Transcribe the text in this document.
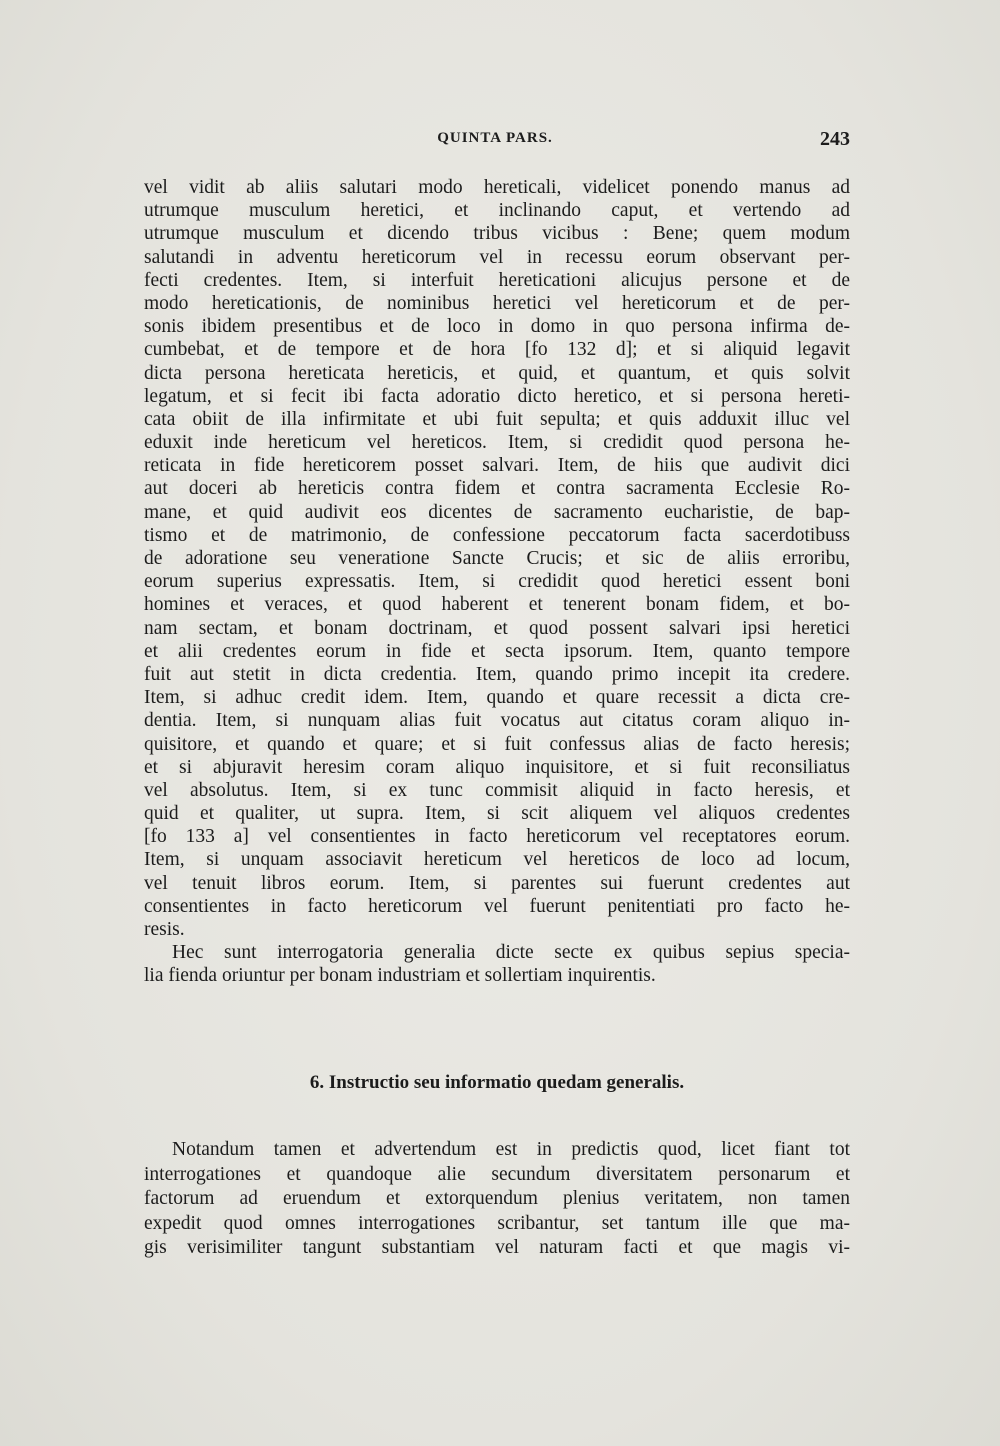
QUINTA PARS.	243
vel vidit ab aliis salutari modo hereticali, videlicet ponendo manus ad
utrumque musculum heretici, et inclinando caput, et vertendo ad
utrumque musculum et dicendo tribus vicibus : Bene; quem modum
salutandi in adventu hereticorum vel in recessu eorum observant per-
fecti credentes. Item, si interfuit hereticationi alicujus persone et de
modo hereticationis, de nominibus heretici vel hereticorum et de per-
sonis ibidem presentibus et de loco in domo in quo persona infirma de-
cumbebat, et de tempore et de hora [fo 132 d]; et si aliquid legavit
dicta persona hereticata hereticis, et quid, et quantum, et quis solvit
legatum, et si fecit ibi facta adoratio dicto heretico, et si persona hereti-
cata obiit de illa infirmitate et ubi fuit sepulta; et quis adduxit illuc vel
eduxit inde hereticum vel hereticos. Item, si credidit quod persona he-
reticata in fide hereticorem posset salvari. Item, de hiis que audivit dici
aut doceri ab hereticis contra fidem et contra sacramenta Ecclesie Ro-
mane, et quid audivit eos dicentes de sacramento eucharistie, de bap-
tismo et de matrimonio, de confessione peccatorum facta sacerdotibuss
de adoratione seu veneratione Sancte Crucis; et sic de aliis erroribu,
eorum superius expressatis. Item, si credidit quod heretici essent boni
homines et veraces, et quod haberent et tenerent bonam fidem, et bo-
nam sectam, et bonam doctrinam, et quod possent salvari ipsi heretici
et alii credentes eorum in fide et secta ipsorum. Item, quanto tempore
fuit aut stetit in dicta credentia. Item, quando primo incepit ita credere.
Item, si adhuc credit idem. Item, quando et quare recessit a dicta cre-
dentia. Item, si nunquam alias fuit vocatus aut citatus coram aliquo in-
quisitore, et quando et quare; et si fuit confessus alias de facto heresis;
et si abjuravit heresim coram aliquo inquisitore, et si fuit reconsiliatus
vel absolutus. Item, si ex tunc commisit aliquid in facto heresis, et
quid et qualiter, ut supra. Item, si scit aliquem vel aliquos credentes
[fo 133 a] vel consentientes in facto hereticorum vel receptatores eorum.
Item, si unquam associavit hereticum vel hereticos de loco ad locum,
vel tenuit libros eorum. Item, si parentes sui fuerunt credentes aut
consentientes in facto hereticorum vel fuerunt penitentiati pro facto he-
resis.
Hec sunt interrogatoria generalia dicte secte ex quibus sepius specia-
lia fienda oriuntur per bonam industriam et sollertiam inquirentis.
6. Instructio seu informatio quedam generalis.
Notandum tamen et advertendum est in predictis quod, licet fiant tot
interrogationes et quandoque alie secundum diversitatem personarum et
factorum ad eruendum et extorquendum plenius veritatem, non tamen
expedit quod omnes interrogationes scribantur, set tantum ille que ma-
gis verisimiliter tangunt substantiam vel naturam facti et que magis vi-
